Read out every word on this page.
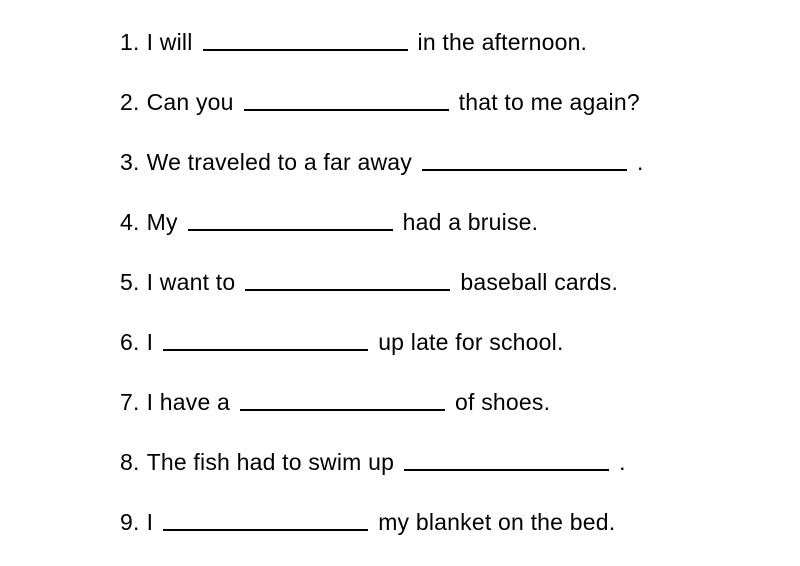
1. I will	in the afternoon.
2. Can you	that to me again?
3. We traveled to a far away	.
4. My	had a bruise.
5. I want to	baseball cards.
6. I	up late for school.
7. I have a	of shoes.
8. The fish had to swim up	.
9. I	my blanket on the bed.
